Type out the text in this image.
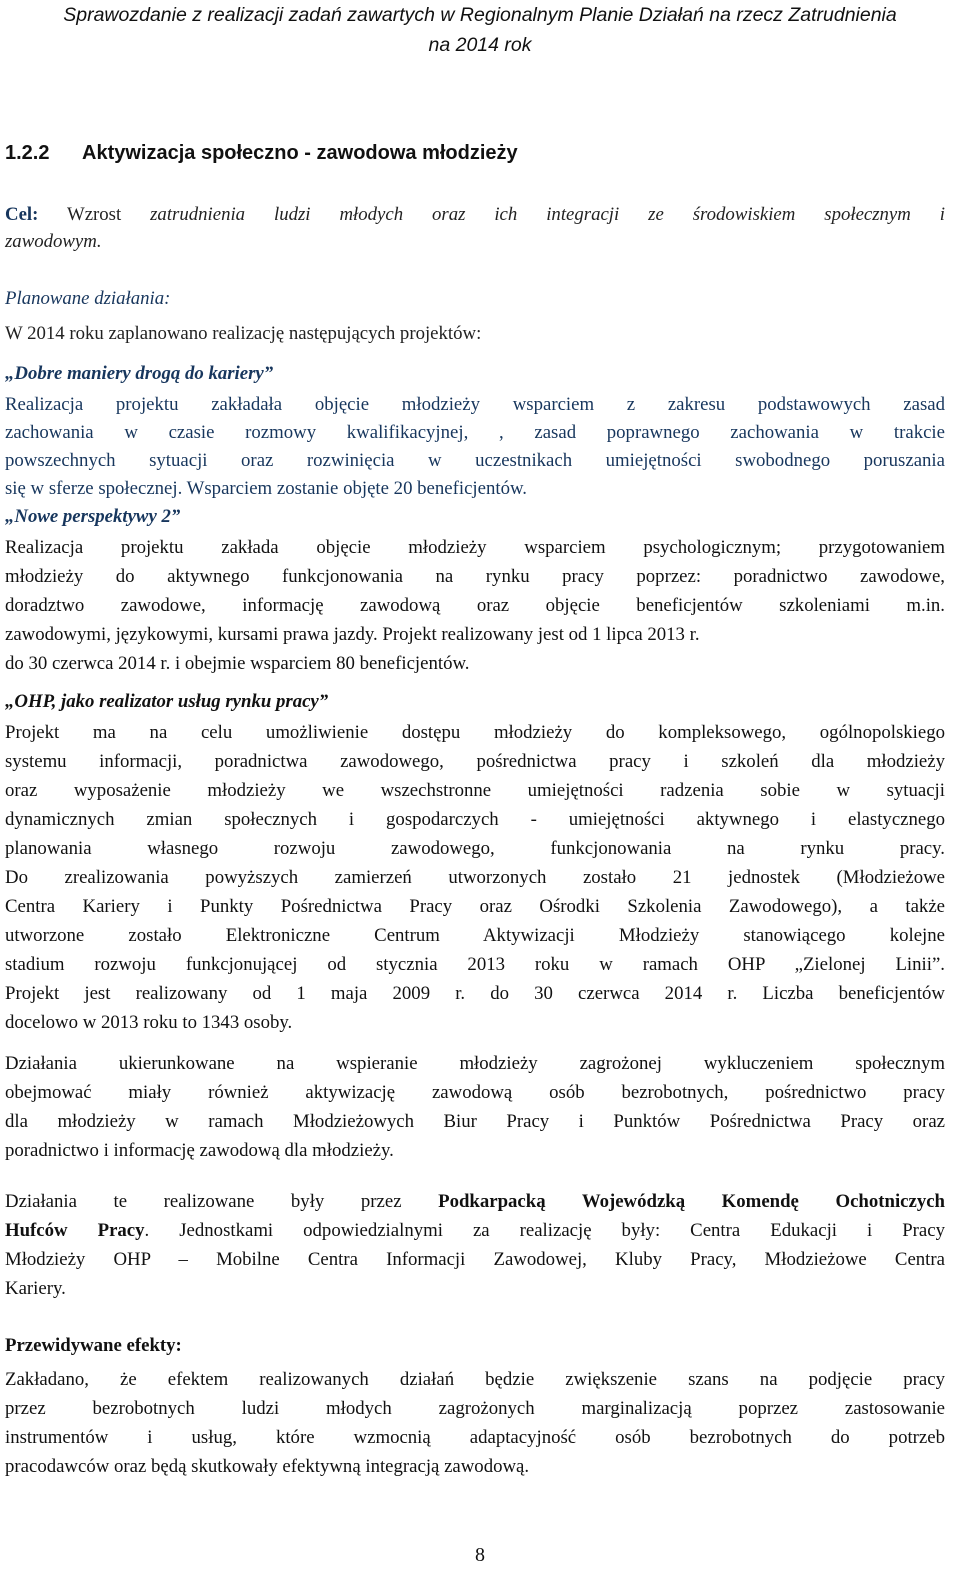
Sprawozdanie z realizacji zadań zawartych w Regionalnym Planie Działań na rzecz Zatrudnienia
na 2014 rok
1.2.2 Aktywizacja społeczno - zawodowa młodzieży
Cel: Wzrost zatrudnienia ludzi młodych oraz ich integracji ze środowiskiem społecznym i
zawodowym.
Planowane działania:
W 2014 roku zaplanowano realizację następujących projektów:
„Dobre maniery drogą do kariery”
Realizacja projektu zakładała objęcie młodzieży wsparciem z zakresu podstawowych zasad
zachowania w czasie rozmowy kwalifikacyjnej, , zasad poprawnego zachowania w trakcie
powszechnych sytuacji oraz rozwinięcia w uczestnikach umiejętności swobodnego poruszania
się w sferze społecznej. Wsparciem zostanie objęte 20 beneficjentów.
„Nowe perspektywy 2”
Realizacja projektu zakłada objęcie młodzieży wsparciem psychologicznym; przygotowaniem
młodzieży do aktywnego funkcjonowania na rynku pracy poprzez: poradnictwo zawodowe,
doradztwo zawodowe, informację zawodową oraz objęcie beneficjentów szkoleniami m.in.
zawodowymi, językowymi, kursami prawa jazdy. Projekt realizowany jest od 1 lipca 2013 r.
do 30 czerwca 2014 r. i obejmie wsparciem 80 beneficjentów.
„OHP, jako realizator usług rynku pracy”
Projekt ma na celu umożliwienie dostępu młodzieży do kompleksowego, ogólnopolskiego
systemu informacji, poradnictwa zawodowego, pośrednictwa pracy i szkoleń dla młodzieży
oraz wyposażenie młodzieży we wszechstronne umiejętności radzenia sobie w sytuacji
dynamicznych zmian społecznych i gospodarczych - umiejętności aktywnego i elastycznego
planowania własnego rozwoju zawodowego, funkcjonowania na rynku pracy.
Do zrealizowania powyższych zamierzeń utworzonych zostało 21 jednostek (Młodzieżowe
Centra Kariery i Punkty Pośrednictwa Pracy oraz Ośrodki Szkolenia Zawodowego), a także
utworzone zostało Elektroniczne Centrum Aktywizacji Młodzieży stanowiącego kolejne
stadium rozwoju funkcjonującej od stycznia 2013 roku w ramach OHP „Zielonej Linii”.
Projekt jest realizowany od 1 maja 2009 r. do 30 czerwca 2014 r. Liczba beneficjentów
docelowo w 2013 roku to 1343 osoby.
Działania ukierunkowane na wspieranie młodzieży zagrożonej wykluczeniem społecznym
obejmować miały również aktywizację zawodową osób bezrobotnych, pośrednictwo pracy
dla młodzieży w ramach Młodzieżowych Biur Pracy i Punktów Pośrednictwa Pracy oraz
poradnictwo i informację zawodową dla młodzieży.
Działania te realizowane były przez Podkarpacką Wojewódzką Komendę Ochotniczych
Hufców Pracy. Jednostkami odpowiedzialnymi za realizację były: Centra Edukacji i Pracy
Młodzieży OHP – Mobilne Centra Informacji Zawodowej, Kluby Pracy, Młodzieżowe Centra
Kariery.
Przewidywane efekty:
Zakładano, że efektem realizowanych działań będzie zwiększenie szans na podjęcie pracy
przez bezrobotnych ludzi młodych zagrożonych marginalizacją poprzez zastosowanie
instrumentów i usług, które wzmocnią adaptacyjność osób bezrobotnych do potrzeb
pracodawców oraz będą skutkowały efektywną integracją zawodową.
8
